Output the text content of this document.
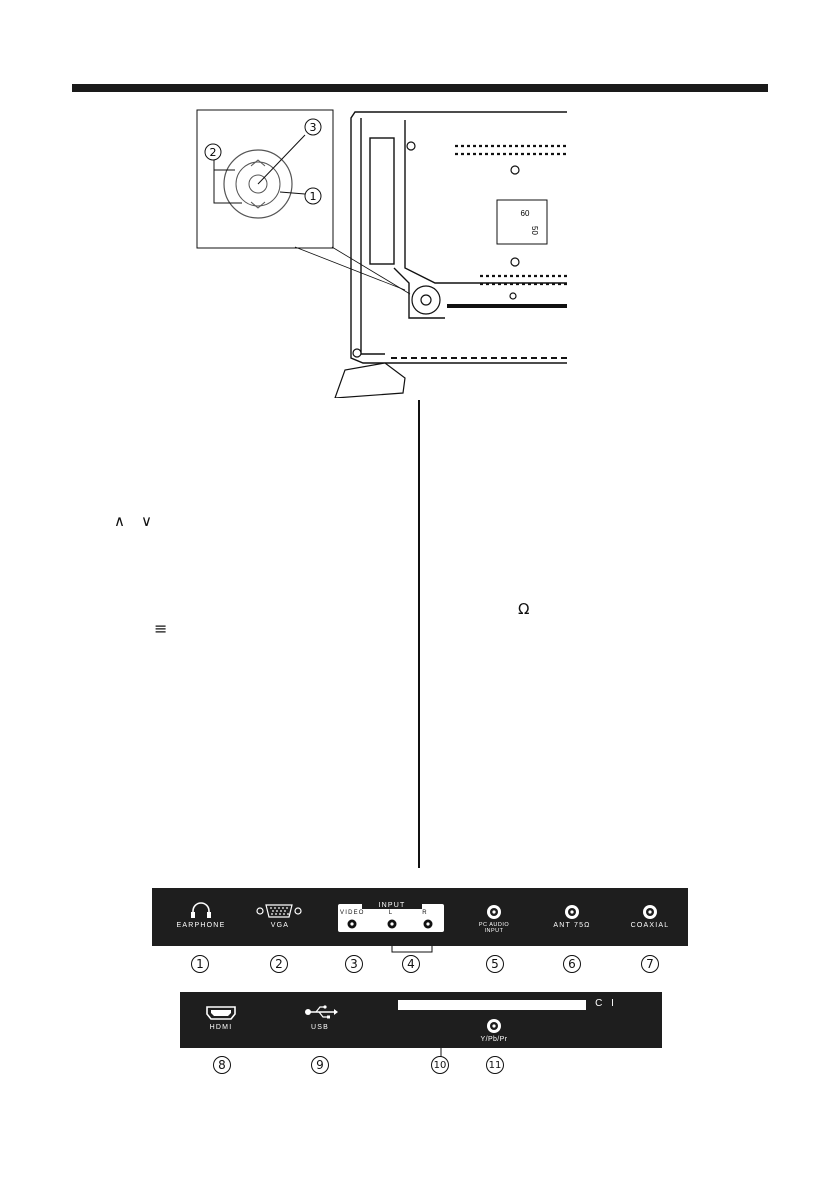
2
3
1
60
50
∧ ∨
≡
Ω
EARPHONE	VGA
INPUT
VIDEO	L	R
PC AUDIO INPUT
ANT 75Ω	COAXIAL
1	2	3	4	5	6	7
HDMI	USB
C I
Y/Pb/Pr
8	9	10	11
